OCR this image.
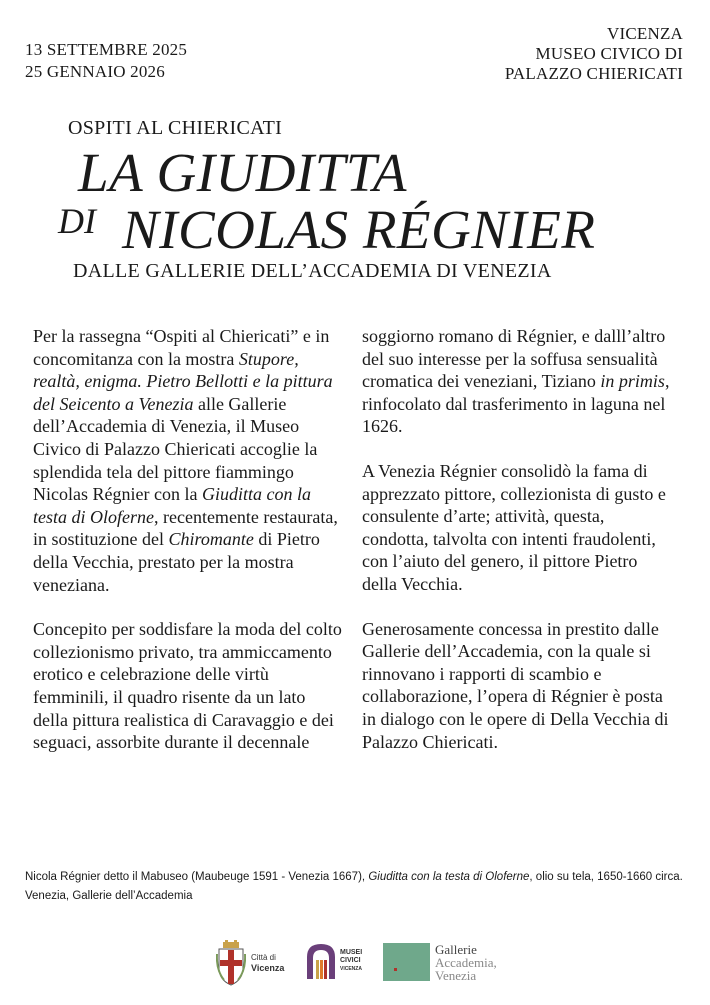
13 SETTEMBRE 2025
25 GENNAIO 2026
VICENZA
MUSEO CIVICO DI
PALAZZO CHIERICATI
OSPITI AL CHIERICATI
LA GIUDITTA
DI NICOLAS RÉGNIER
DALLE GALLERIE DELL’ACCADEMIA DI VENEZIA

Per la rassegna “Ospiti al Chiericati” e in concomitanza con la mostra Stupore, realtà, enigma. Pietro Bellotti e la pittura del Seicento a Venezia alle Gallerie dell’Accademia di Venezia, il Museo Civico di Palazzo Chiericati accoglie la splendida tela del pittore fiammingo Nicolas Régnier con la Giuditta con la testa di Oloferne, recentemente restaurata, in sostituzione del Chiromante di Pietro della Vecchia, prestato per la mostra veneziana.

Concepito per soddisfare la moda del colto collezionismo privato, tra ammiccamento erotico e celebrazione delle virtù femminili, il quadro risente da un lato della pittura realistica di Caravaggio e dei seguaci, assorbite durante il decennale

soggiorno romano di Régnier, e dalll’altro del suo interesse per la soffusa sensualità cromatica dei veneziani, Tiziano in primis, rinfocolato dal trasferimento in laguna nel 1626.

A Venezia Régnier consolidò la fama di apprezzato pittore, collezionista di gusto e consulente d’arte; attività, questa, condotta, talvolta con intenti fraudolenti, con l’aiuto del genero, il pittore Pietro della Vecchia.

Generosamente concessa in prestito dalle Gallerie dell’Accademia, con la quale si rinnovano i rapporti di scambio e collaborazione, l’opera di Régnier è posta in dialogo con le opere di Della Vecchia di Palazzo Chiericati.

Nicola Régnier detto il Mabuseo (Maubeuge 1591 - Venezia 1667), Giuditta con la testa di Oloferne, olio su tela, 1650-1660 circa. Venezia, Gallerie dell’Accademia
Città di
Vicenza
MUSEI
CIVICI
VICENZA
Gallerie
Accademia,
Venezia
